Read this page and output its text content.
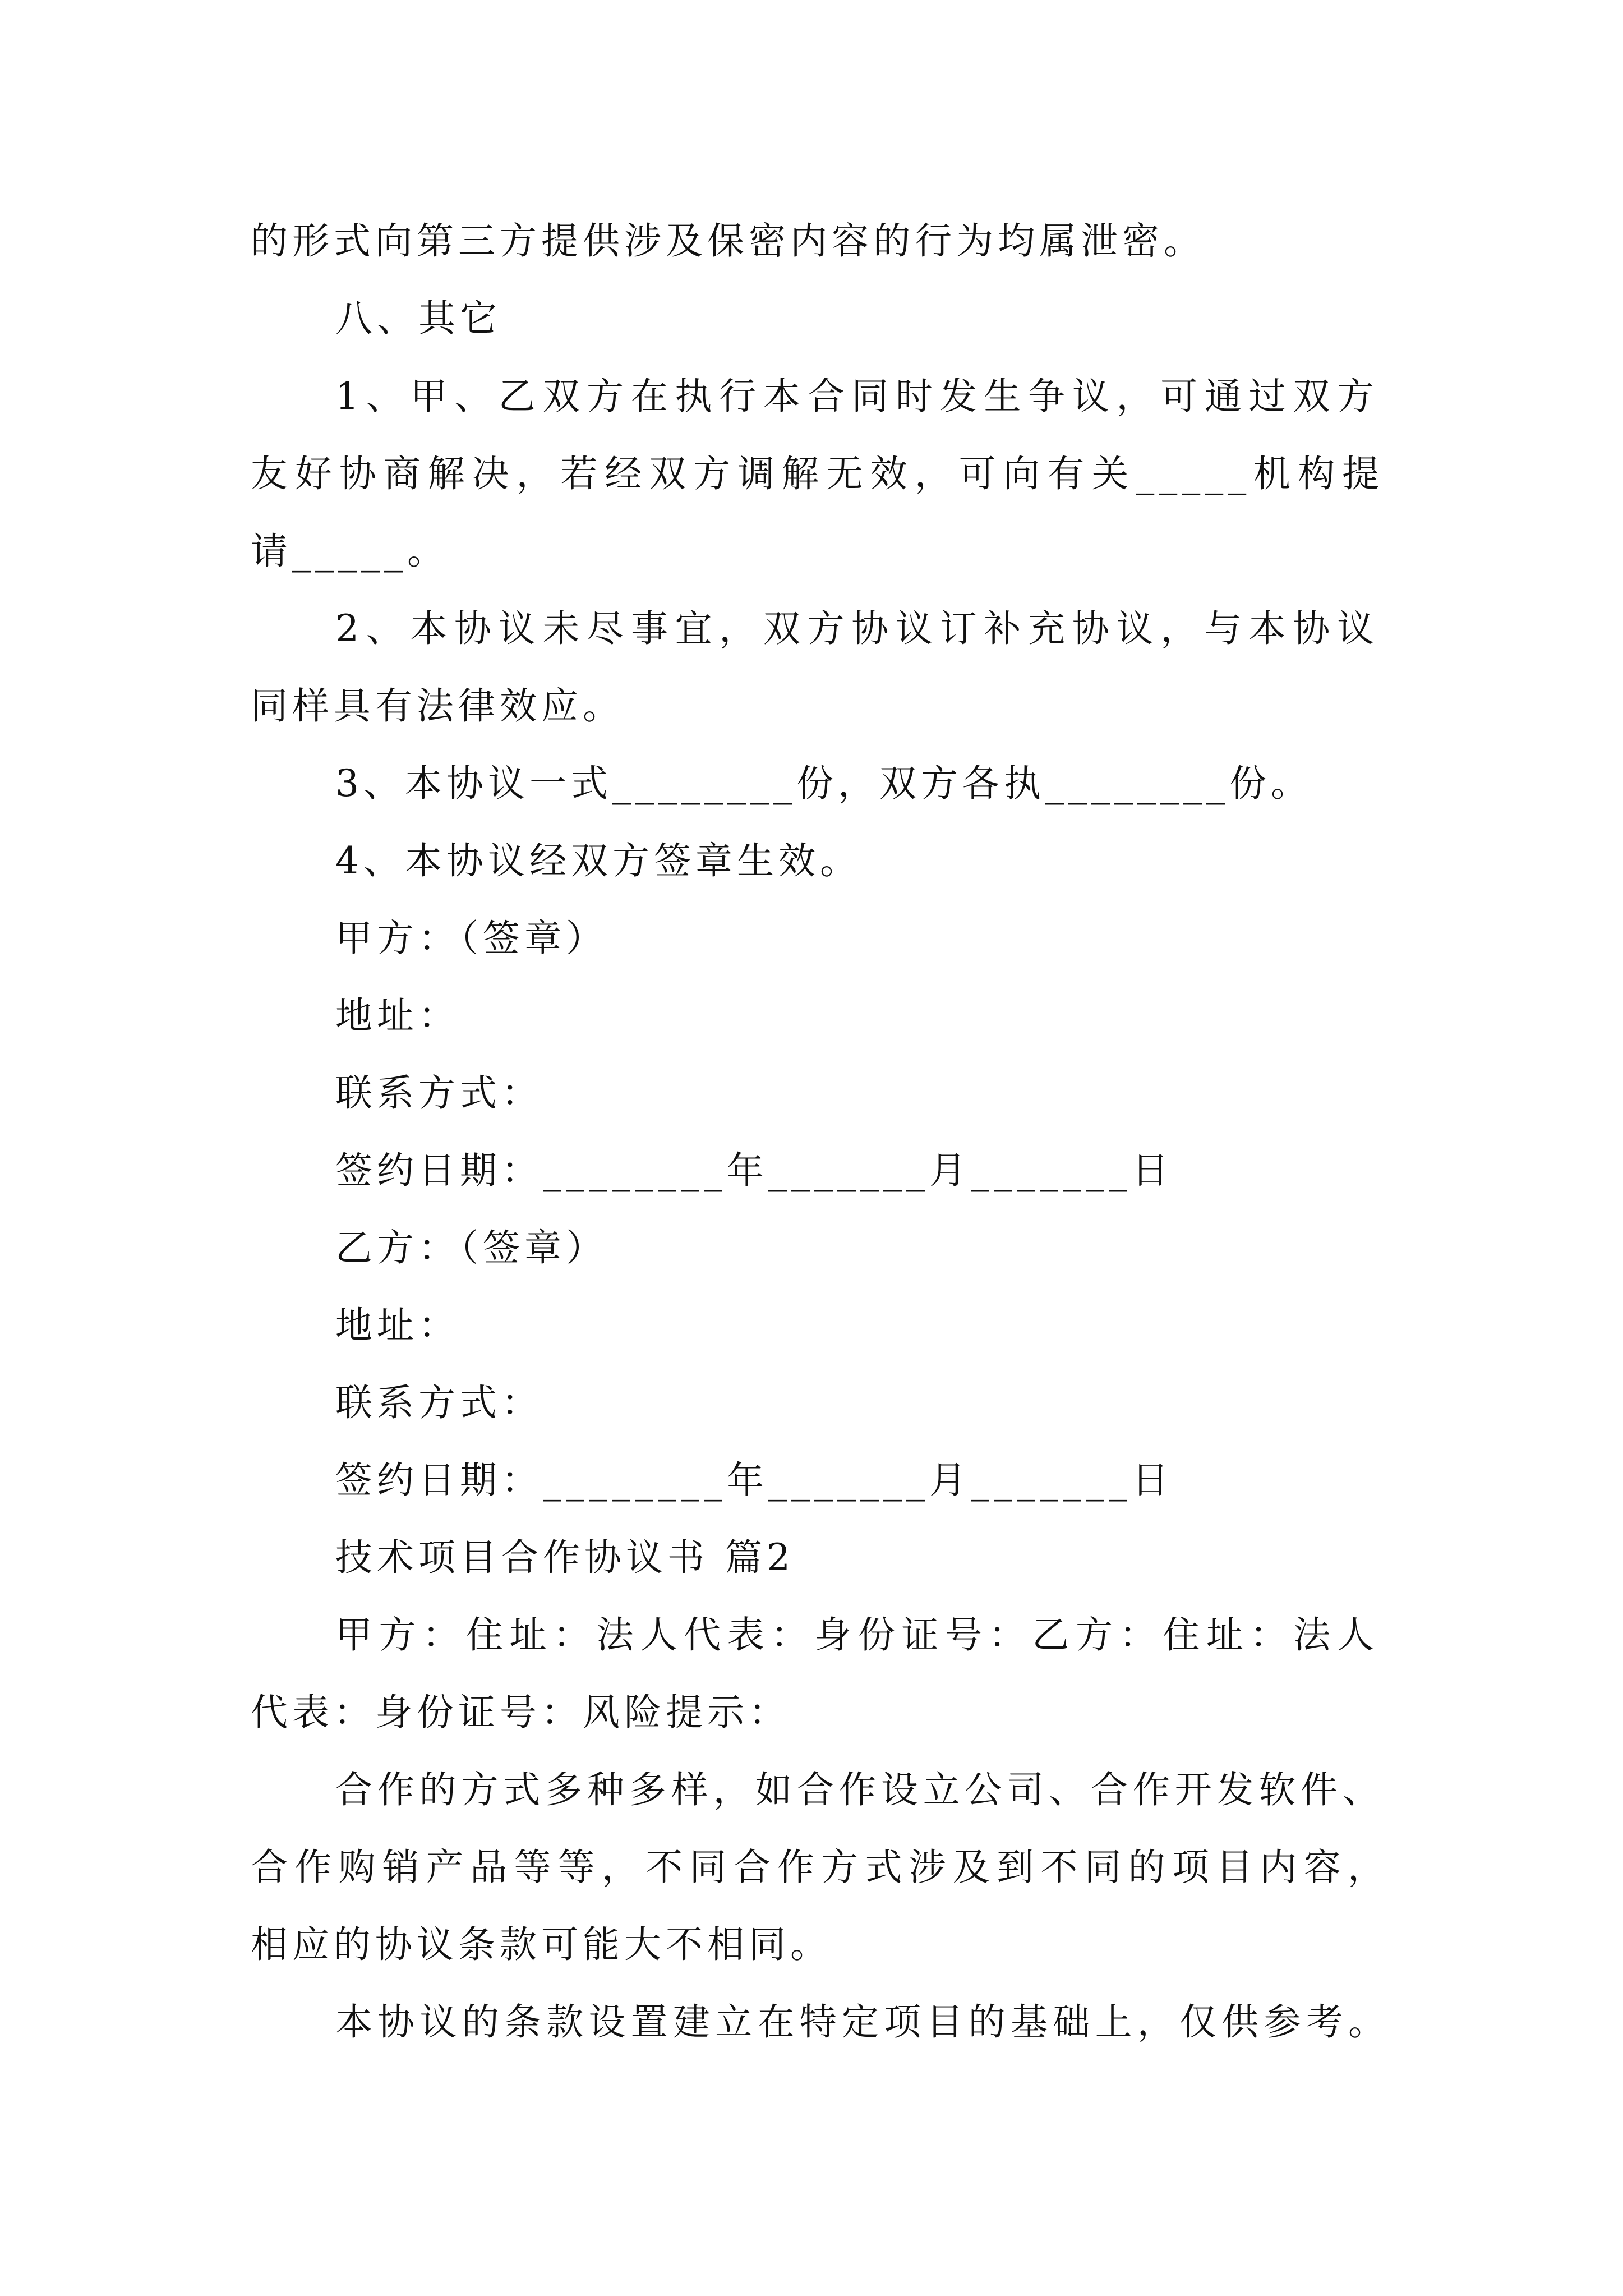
的形式向第三方提供涉及保密内容的行为均属泄密。
八、其它
1、甲、乙双方在执行本合同时发生争议，可通过双方
友好协商解决，若经双方调解无效，可向有关_____机构提
请_____。
2、本协议未尽事宜，双方协议订补充协议，与本协议
同样具有法律效应。
3、本协议一式________份，双方各执________份。
4、本协议经双方签章生效。
甲方：（签章）
地址：
联系方式：
签约日期：________年_______月_______日
乙方：（签章）
地址：
联系方式：
签约日期：________年_______月_______日
技术项目合作协议书 篇2
甲方：住址：法人代表：身份证号：乙方：住址：法人
代表：身份证号：风险提示：
合作的方式多种多样，如合作设立公司、合作开发软件、
合作购销产品等等，不同合作方式涉及到不同的项目内容，
相应的协议条款可能大不相同。
本协议的条款设置建立在特定项目的基础上，仅供参考。
